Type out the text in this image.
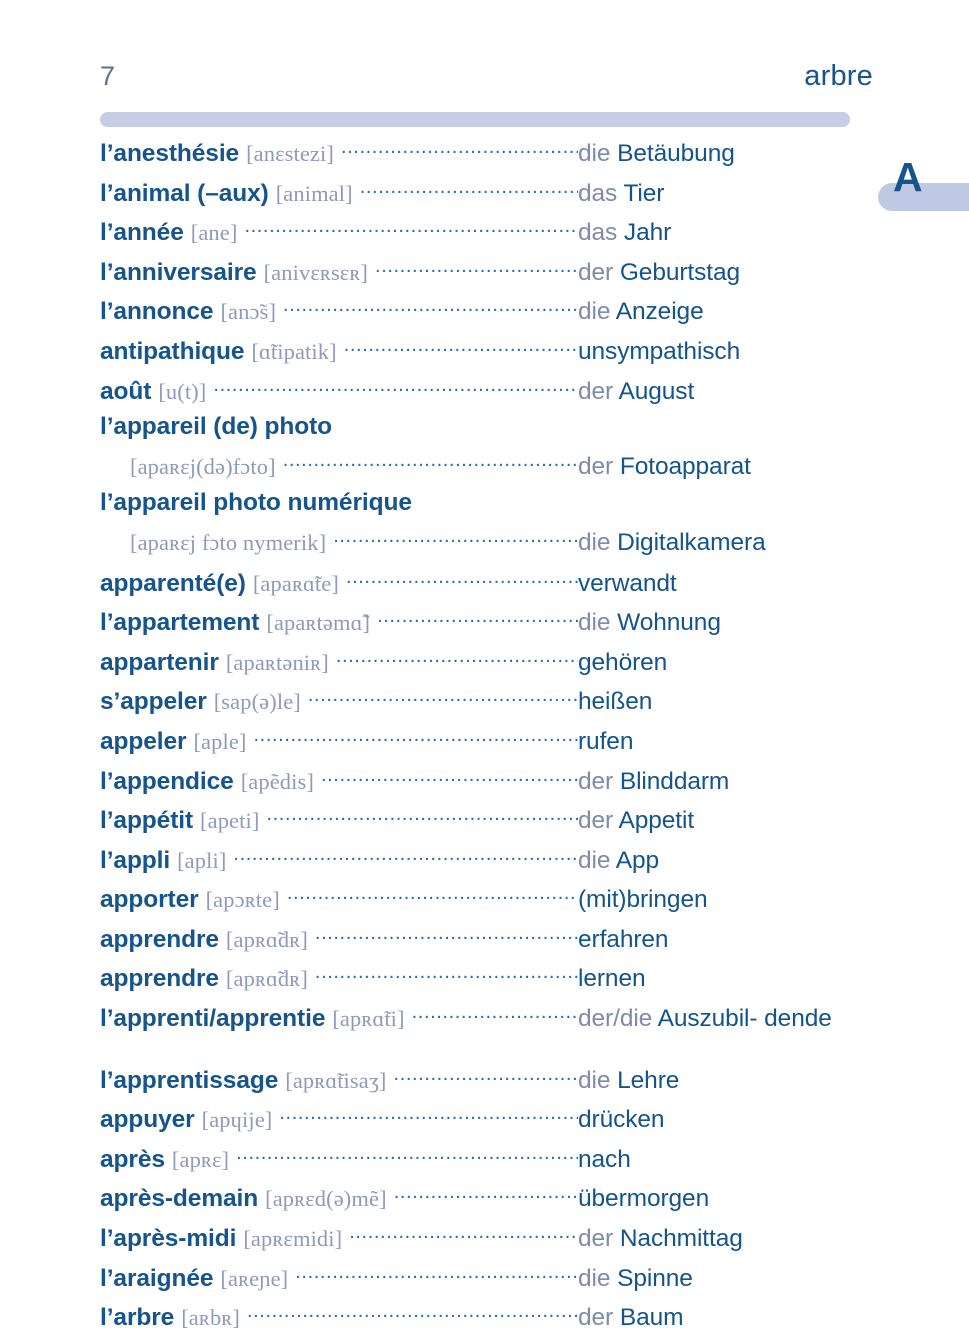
7	arbre
A
l’anesthésie [anɛstezi] .....	die Betäubung
l’animal (–aux) [animal] .....	das Tier
l’année [ane] .....	das Jahr
l’anniversaire [anivɛʀsɛʀ] .....	der Geburtstag
l’annonce [anɔ̃s] .....	die Anzeige
antipathique [ɑ̃tipatik] .....	unsympathisch
août [u(t)] .....	der August
l’appareil (de) photo
[apaʀɛj(də)fɔto] .....	der Fotoapparat
l’appareil photo numérique
[apaʀɛj fɔto nymerik] .....	die Digitalkamera
apparenté(e) [apaʀɑ̃te] .....	verwandt
l’appartement [apaʀtəmɑ̃] .....	die Wohnung
appartenir [apaʀtəniʀ] .....	gehören
s’appeler [sap(ə)le] .....	heißen
appeler [aple] .....	rufen
l’appendice [apẽdis] .....	der Blinddarm
l’appétit [apeti] .....	der Appetit
l’appli [apli] .....	die App
apporter [apɔʀte] .....	(mit)bringen
apprendre [apʀɑ̃dʀ] .....	erfahren
apprendre [apʀɑ̃dʀ] .....	lernen
l’apprenti/apprentie [apʀɑ̃ti] .....	der/die Auszubil- dende
l’apprentissage [apʀɑ̃tisaʒ] .....	die Lehre
appuyer [apɥije] .....	drücken
après [apʀɛ] .....	nach
après-demain [apʀɛd(ə)mẽ] .....	übermorgen
l’après-midi [apʀɛmidi] .....	der Nachmittag
l’araignée [aʀeɲe] .....	die Spinne
l’arbre [aʀbʀ] .....	der Baum
